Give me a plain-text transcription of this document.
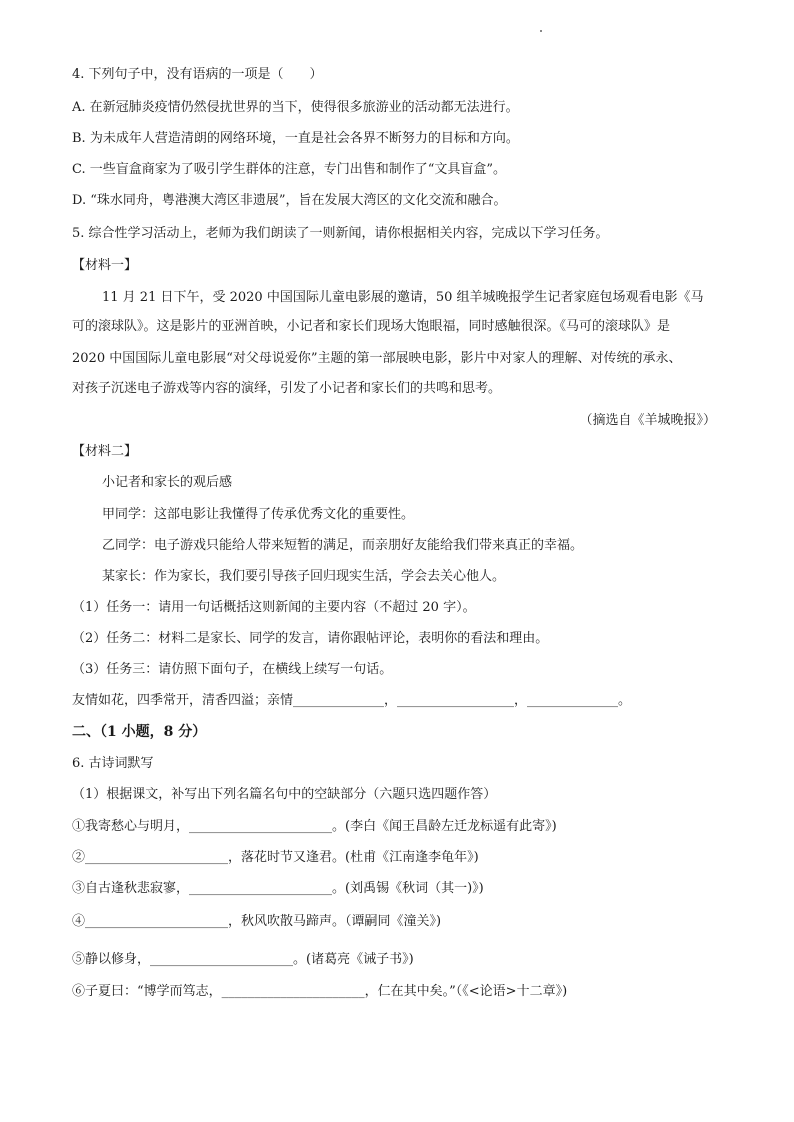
4. 下列句子中，没有语病的一项是（　　）
A. 在新冠肺炎疫情仍然侵扰世界的当下，使得很多旅游业的活动都无法进行。
B. 为未成年人营造清朗的网络环境，一直是社会各界不断努力的目标和方向。
C. 一些盲盒商家为了吸引学生群体的注意，专门出售和制作了“文具盲盒”。
D. “珠水同舟，粤港澳大湾区非遗展”，旨在发展大湾区的文化交流和融合。
5. 综合性学习活动上，老师为我们朗读了一则新闻，请你根据相关内容，完成以下学习任务。
【材料一】
11 月 21 日下午，受 2020 中国国际儿童电影展的邀请，50 组羊城晚报学生记者家庭包场观看电影《马
可的滚球队》。这是影片的亚洲首映，小记者和家长们现场大饱眼福，同时感触很深。《马可的滚球队》是
2020 中国国际儿童电影展“对父母说爱你”主题的第一部展映电影，影片中对家人的理解、对传统的承永、
对孩子沉迷电子游戏等内容的演绎，引发了小记者和家长们的共鸣和思考。
（摘选自《羊城晚报》）
【材料二】
小记者和家长的观后感
甲同学：这部电影让我懂得了传承优秀文化的重要性。
乙同学：电子游戏只能给人带来短暂的满足，而亲朋好友能给我们带来真正的幸福。
某家长：作为家长，我们要引导孩子回归现实生活，学会去关心他人。
（1）任务一：请用一句话概括这则新闻的主要内容（不超过 20 字）。
（2）任务二：材料二是家长、同学的发言，请你跟帖评论，表明你的看法和理由。
（3）任务三：请仿照下面句子，在横线上续写一句话。
友情如花，四季常开，清香四溢；亲情______________，__________________，______________。
二、（1 小题，8 分）
6. 古诗词默写
（1）根据课文，补写出下列名篇名句中的空缺部分（六题只选四题作答）
①我寄愁心与明月，______________________。(李白《闻王昌龄左迁龙标遥有此寄》)
②______________________，落花时节又逢君。(杜甫《江南逢李龟年》)
③自古逢秋悲寂寥，______________________。(刘禹锡《秋词（其一)》)
④______________________，秋风吹散马蹄声。（谭嗣同《潼关》)
⑤静以修身，______________________。(诸葛亮《诫子书》)
⑥子夏曰：“博学而笃志，______________________，仁在其中矣。”（《<论语>十二章》)
